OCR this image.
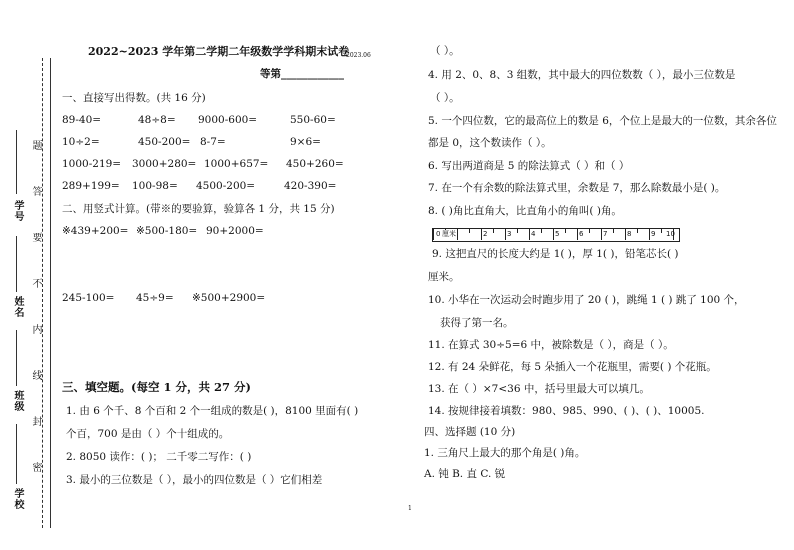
题
答
要
不
内
线
封
密
学号
姓名
班级
学校
2022~2023 学年第二学期二年级数学学科期末试卷
2023.06
等第____________
一、直接写出得数。(共 16 分)
89-40=	48÷8= 9000-600=	550-60=
10÷2=	450-200= 8-7=	9×6=
1000-219= 3000+280= 1000+657= 450+260=
289+199= 100-98= 4500-200=	420-390=
二、用竖式计算。(带※的要验算，验算各 1 分，共 15 分)
※439+200= ※500-180= 90+2000=
245-100= 45÷9= ※500+2900=
三、填空题。(每空 1 分，共 27 分)
1. 由 6 个千、8 个百和 2 个一组成的数是( )，8100 里面有( )
个百，700 是由（ ）个十组成的。
2. 8050 读作：( )； 二千零二写作：( )
3. 最小的三位数是（ ），最小的四位数是（ ）它们相差
（ ）。
4. 用 2、0、8、3 组数，其中最大的四位数数（ ），最小三位数是
（ ）。
5. 一个四位数，它的最高位上的数是 6，个位上是最大的一位数，其余各位
都是 0，这个数读作（ ）。
6. 写出两道商是 5 的除法算式（ ）和（ ）
7. 在一个有余数的除法算式里，余数是 7，那么除数最小是( )。
8. ( )角比直角大，比直角小的角叫( )角。
0 厘米	2	3	4	5	6	7	8	9 10
1
9. 这把直尺的长度大约是 1( )，厚 1( )，铅笔芯长( )
厘米。
10. 小华在一次运动会时跑步用了 20 ( )，跳绳 1 ( ) 跳了 100 个，
获得了第一名。
11. 在算式 30÷5=6 中，被除数是（ ），商是（ ）。
12. 有 24 朵鲜花，每 5 朵插入一个花瓶里，需要( ) 个花瓶。
13. 在（ ）×7<36 中，括号里最大可以填几。
14. 按规律接着填数：980、985、990、( )、( )、10005.
四、选择题 (10 分)
1. 三角尺上最大的那个角是( )角。
A. 钝 B. 直 C. 锐
1
